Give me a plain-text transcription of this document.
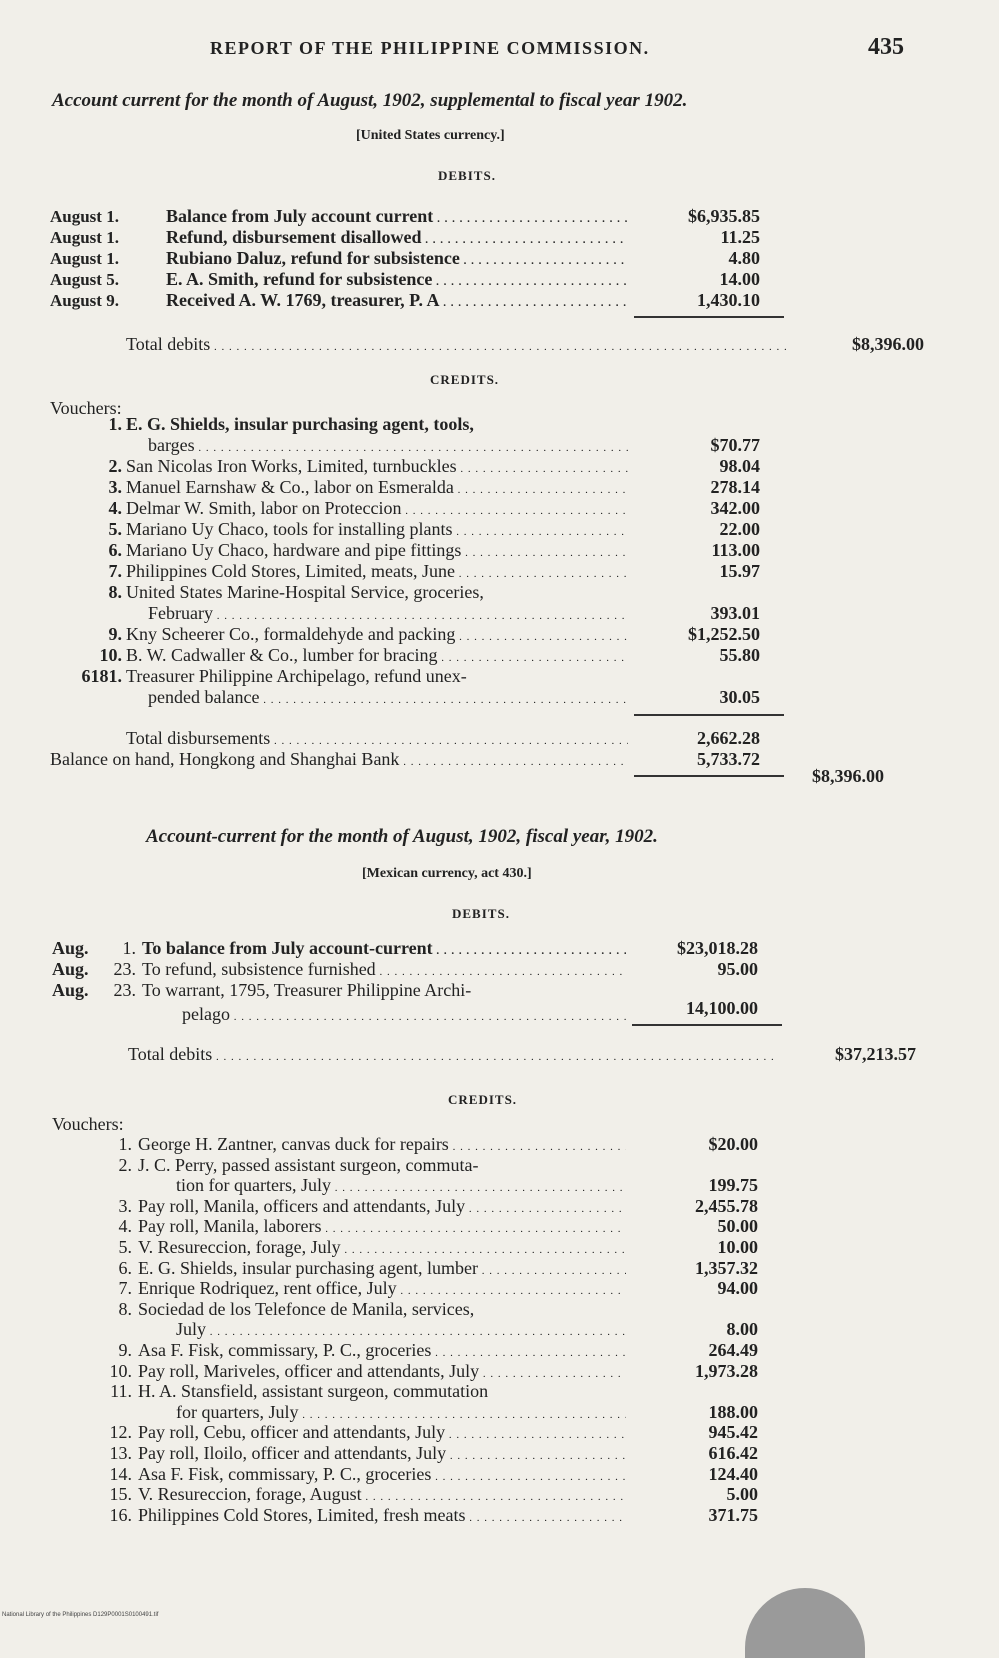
REPORT OF THE PHILIPPINE COMMISSION.	435
Account current for the month of August, 1902, supplemental to fiscal year 1902.
[United States currency.]
DEBITS.
August 1.	Balance from July account current . . .	$6,935.85
August 1.	Refund, disbursement disallowed . . .	11.25
August 1.	Rubiano Daluz, refund for subsistence . . .	4.80
August 5.	E. A. Smith, refund for subsistence . . .	14.00
August 9.	Received A. W. 1769, treasurer, P. A . . .	1,430.10
Total debits . . .	$8,396.00
CREDITS.
Vouchers:
1. E. G. Shields, insular purchasing agent, tools,
barges . . .	$70.77
2. San Nicolas Iron Works, Limited, turnbuckles . . .	98.04
3. Manuel Earnshaw & Co., labor on Esmeralda . . .	278.14
4. Delmar W. Smith, labor on Proteccion . . .	342.00
5. Mariano Uy Chaco, tools for installing plants . . .	22.00
6. Mariano Uy Chaco, hardware and pipe fittings . . .	113.00
7. Philippines Cold Stores, Limited, meats, June . . .	15.97
8. United States Marine-Hospital Service, groceries,
February . . .	393.01
9. Kny Scheerer Co., formaldehyde and packing . . .	$1,252.50
10. B. W. Cadwaller & Co., lumber for bracing . . .	55.80
6181. Treasurer Philippine Archipelago, refund unex-
pended balance . . .	30.05
Total disbursements . . .	2,662.28
Balance on hand, Hongkong and Shanghai Bank . . .	5,733.72
$8,396.00
Account-current for the month of August, 1902, fiscal year, 1902.
[Mexican currency, act 430.]
DEBITS.
Aug.	1. To balance from July account-current . . .	$23,018.28
Aug.	23. To refund, subsistence furnished . . .	95.00
Aug.	23. To warrant, 1795, Treasurer Philippine Archi-
pelago . . .	14,100.00
Total debits . . .	$37,213.57
CREDITS.
Vouchers:
1. George H. Zantner, canvas duck for repairs . . .	$20.00
2. J. C. Perry, passed assistant surgeon, commuta-
tion for quarters, July . . .	199.75
3. Pay roll, Manila, officers and attendants, July . . .	2,455.78
4. Pay roll, Manila, laborers . . .	50.00
5. V. Resureccion, forage, July . . .	10.00
6. E. G. Shields, insular purchasing agent, lumber . . .	1,357.32
7. Enrique Rodriquez, rent office, July . . .	94.00
8. Sociedad de los Telefonce de Manila, services,
July . . .	8.00
9. Asa F. Fisk, commissary, P. C., groceries . . .	264.49
10. Pay roll, Mariveles, officer and attendants, July . . .	1,973.28
11. H. A. Stansfield, assistant surgeon, commutation
for quarters, July . . .	188.00
12. Pay roll, Cebu, officer and attendants, July . . .	945.42
13. Pay roll, Iloilo, officer and attendants, July . . .	616.42
14. Asa F. Fisk, commissary, P. C., groceries . . .	124.40
15. V. Resureccion, forage, August . . .	5.00
16. Philippines Cold Stores, Limited, fresh meats . . .	371.75
National Library of the Philippines D129P0001S0100491.tif
